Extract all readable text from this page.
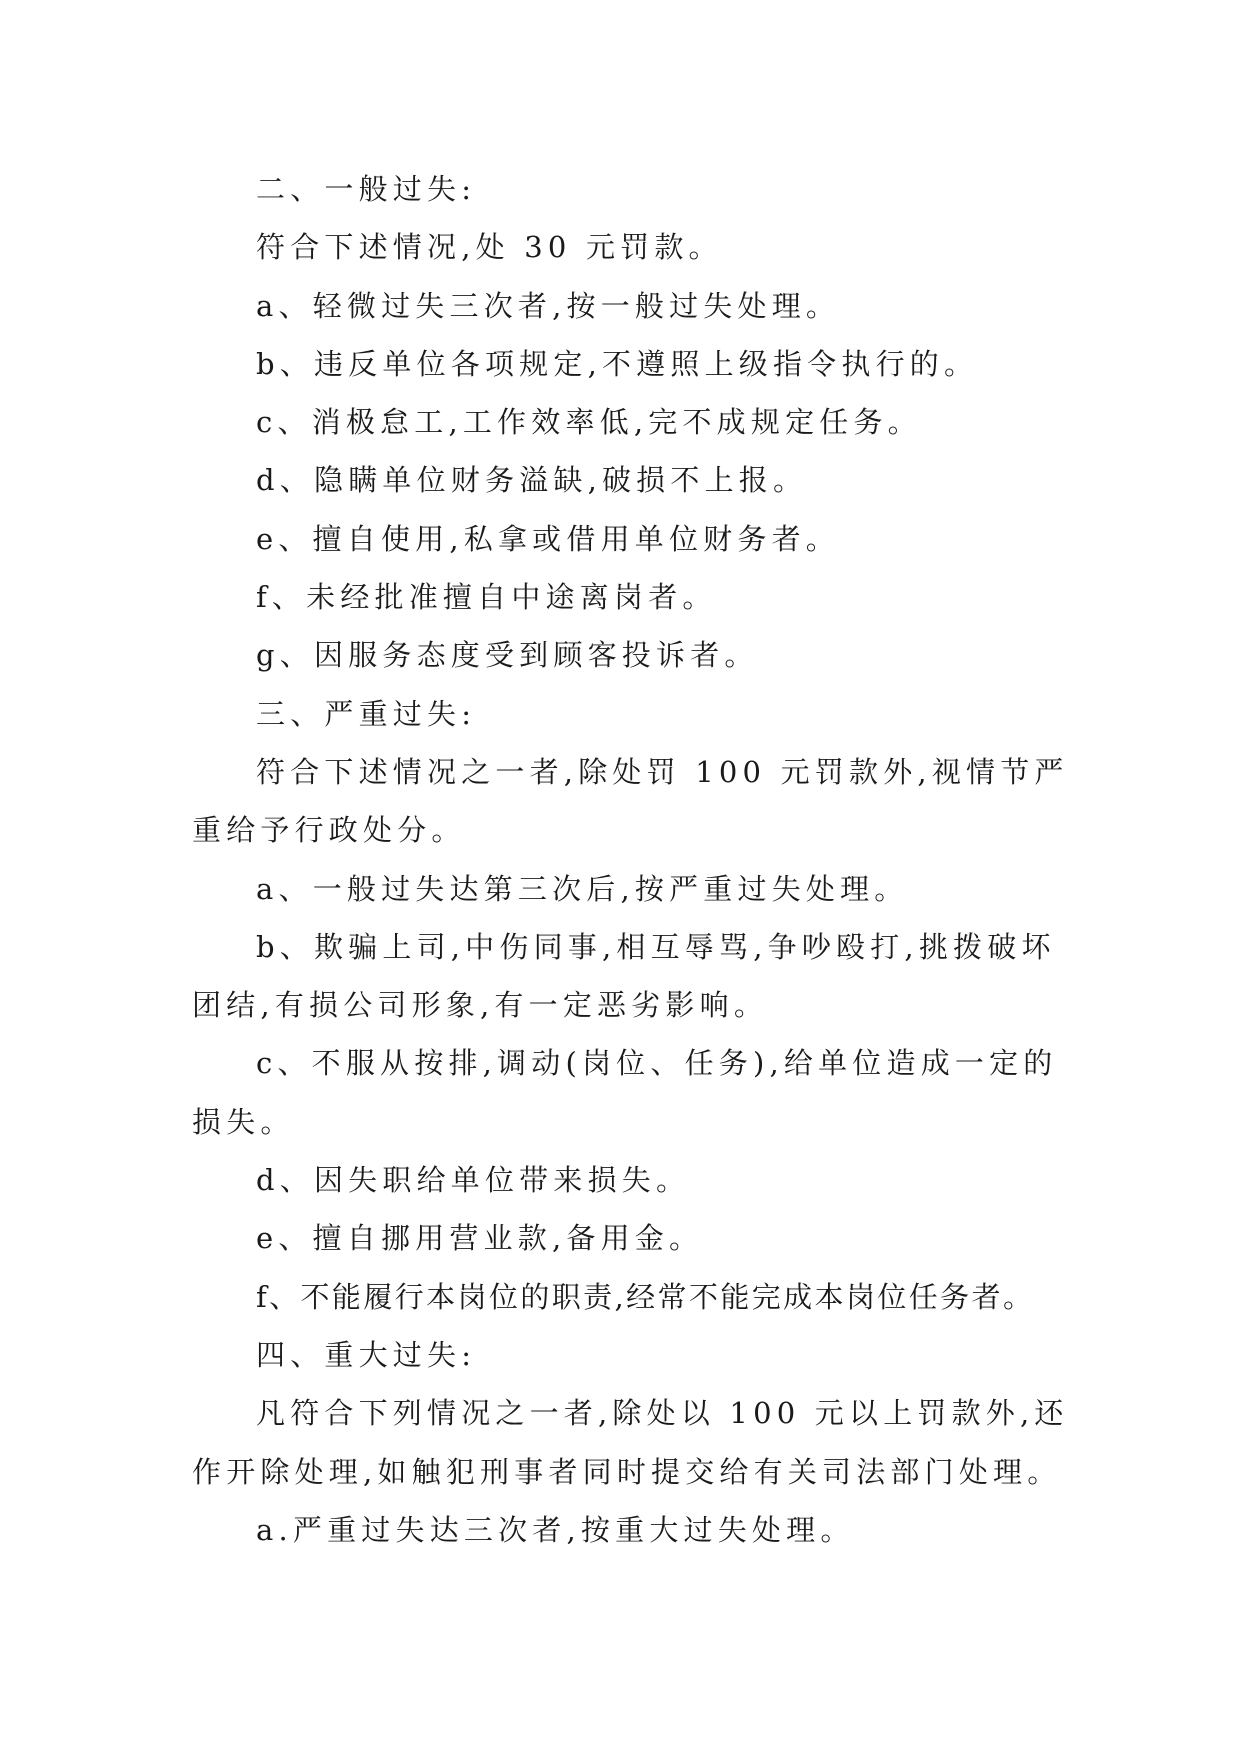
二、一般过失:

符合下述情况,处 30 元罚款。

a、轻微过失三次者,按一般过失处理。

b、违反单位各项规定,不遵照上级指令执行的。

c、消极怠工,工作效率低,完不成规定任务。

d、隐瞒单位财务溢缺,破损不上报。

e、擅自使用,私拿或借用单位财务者。

f、未经批准擅自中途离岗者。

g、因服务态度受到顾客投诉者。

三、严重过失:

符合下述情况之一者,除处罚 100 元罚款外,视情节严重给予行政处分。

a、一般过失达第三次后,按严重过失处理。

b、欺骗上司,中伤同事,相互辱骂,争吵殴打,挑拨破坏团结,有损公司形象,有一定恶劣影响。

c、不服从按排,调动(岗位、任务),给单位造成一定的损失。

d、因失职给单位带来损失。

e、擅自挪用营业款,备用金。

f、不能履行本岗位的职责,经常不能完成本岗位任务者。

四、重大过失:

凡符合下列情况之一者,除处以 100 元以上罚款外,还作开除处理,如触犯刑事者同时提交给有关司法部门处理。

a.严重过失达三次者,按重大过失处理。
